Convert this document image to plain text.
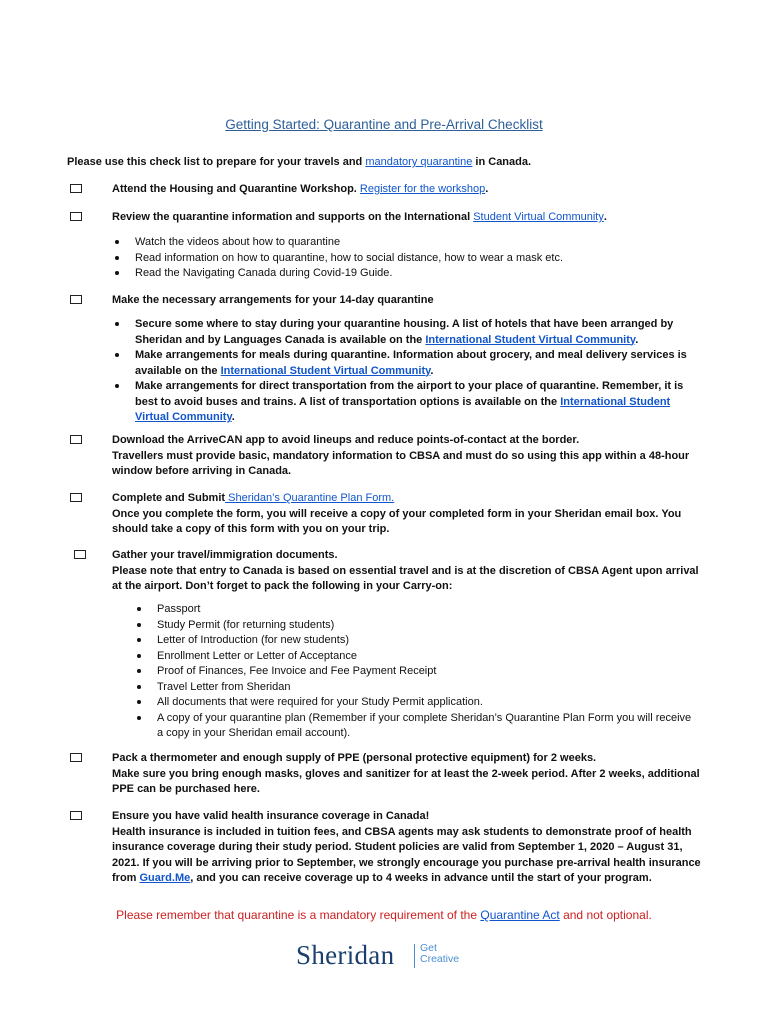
Getting Started: Quarantine and Pre-Arrival Checklist
Please use this check list to prepare for your travels and mandatory quarantine in Canada.
Attend the Housing and Quarantine Workshop. Register for the workshop.
Review the quarantine information and supports on the International Student Virtual Community.
Watch the videos about how to quarantine
Read information on how to quarantine, how to social distance, how to wear a mask etc.
Read the Navigating Canada during Covid-19 Guide.
Make the necessary arrangements for your 14-day quarantine
Secure some where to stay during your quarantine housing. A list of hotels that have been arranged by Sheridan and by Languages Canada is available on the International Student Virtual Community.
Make arrangements for meals during quarantine. Information about grocery, and meal delivery services is available on the International Student Virtual Community.
Make arrangements for direct transportation from the airport to your place of quarantine. Remember, it is best to avoid buses and trains. A list of transportation options is available on the International Student Virtual Community.
Download the ArriveCAN app to avoid lineups and reduce points-of-contact at the border.
Travellers must provide basic, mandatory information to CBSA and must do so using this app within a 48-hour window before arriving in Canada.
Complete and Submit Sheridan’s Quarantine Plan Form.
Once you complete the form, you will receive a copy of your completed form in your Sheridan email box. You should take a copy of this form with you on your trip.
Gather your travel/immigration documents.
Please note that entry to Canada is based on essential travel and is at the discretion of CBSA Agent upon arrival at the airport. Don’t forget to pack the following in your Carry-on:
Passport
Study Permit (for returning students)
Letter of Introduction (for new students)
Enrollment Letter or Letter of Acceptance
Proof of Finances, Fee Invoice and Fee Payment Receipt
Travel Letter from Sheridan
All documents that were required for your Study Permit application.
A copy of your quarantine plan (Remember if your complete Sheridan’s Quarantine Plan Form you will receive a copy in your Sheridan email account).
Pack a thermometer and enough supply of PPE (personal protective equipment) for 2 weeks.
Make sure you bring enough masks, gloves and sanitizer for at least the 2-week period. After 2 weeks, additional PPE can be purchased here.
Ensure you have valid health insurance coverage in Canada!
Health insurance is included in tuition fees, and CBSA agents may ask students to demonstrate proof of health insurance coverage during their study period. Student policies are valid from September 1, 2020 – August 31, 2021. If you will be arriving prior to September, we strongly encourage you purchase pre-arrival health insurance from Guard.Me, and you can receive coverage up to 4 weeks in advance until the start of your program.
Please remember that quarantine is a mandatory requirement of the Quarantine Act and not optional.
Sheridan Get
Creative
